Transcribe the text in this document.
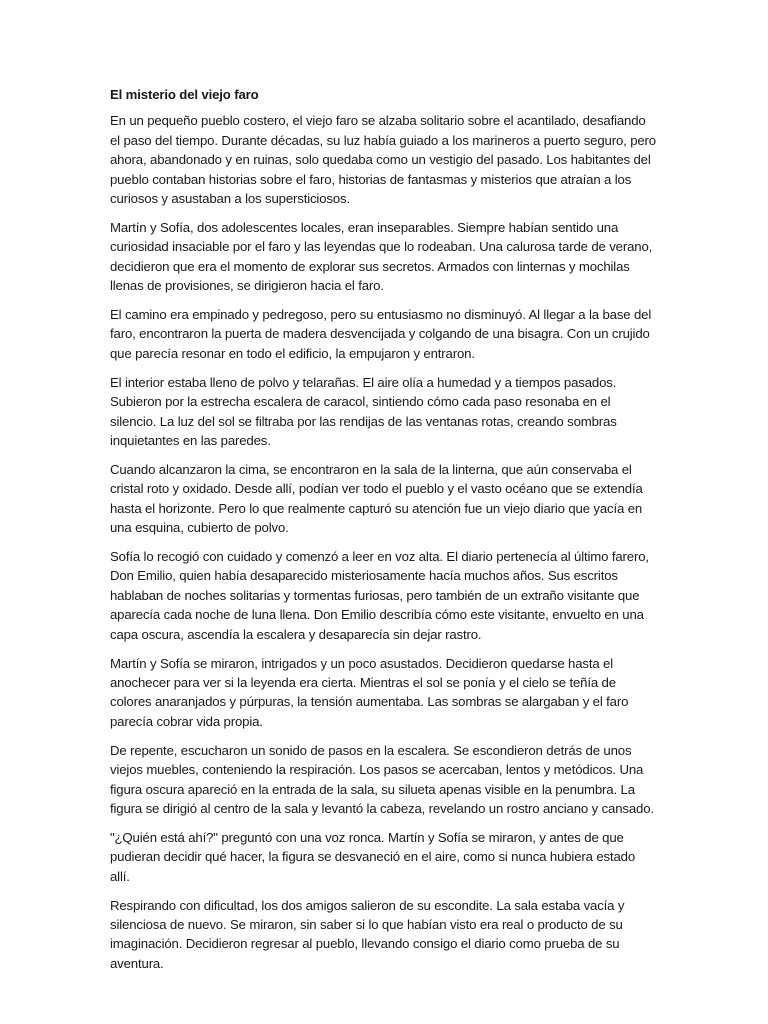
El misterio del viejo faro

En un pequeño pueblo costero, el viejo faro se alzaba solitario sobre el acantilado, desafiando el paso del tiempo. Durante décadas, su luz había guiado a los marineros a puerto seguro, pero ahora, abandonado y en ruinas, solo quedaba como un vestigio del pasado. Los habitantes del pueblo contaban historias sobre el faro, historias de fantasmas y misterios que atraían a los curiosos y asustaban a los supersticiosos.

Martín y Sofía, dos adolescentes locales, eran inseparables. Siempre habían sentido una curiosidad insaciable por el faro y las leyendas que lo rodeaban. Una calurosa tarde de verano, decidieron que era el momento de explorar sus secretos. Armados con linternas y mochilas llenas de provisiones, se dirigieron hacia el faro.

El camino era empinado y pedregoso, pero su entusiasmo no disminuyó. Al llegar a la base del faro, encontraron la puerta de madera desvencijada y colgando de una bisagra. Con un crujido que parecía resonar en todo el edificio, la empujaron y entraron.

El interior estaba lleno de polvo y telarañas. El aire olía a humedad y a tiempos pasados. Subieron por la estrecha escalera de caracol, sintiendo cómo cada paso resonaba en el silencio. La luz del sol se filtraba por las rendijas de las ventanas rotas, creando sombras inquietantes en las paredes.

Cuando alcanzaron la cima, se encontraron en la sala de la linterna, que aún conservaba el cristal roto y oxidado. Desde allí, podían ver todo el pueblo y el vasto océano que se extendía hasta el horizonte. Pero lo que realmente capturó su atención fue un viejo diario que yacía en una esquina, cubierto de polvo.

Sofía lo recogió con cuidado y comenzó a leer en voz alta. El diario pertenecía al último farero, Don Emilio, quien había desaparecido misteriosamente hacía muchos años. Sus escritos hablaban de noches solitarias y tormentas furiosas, pero también de un extraño visitante que aparecía cada noche de luna llena. Don Emilio describía cómo este visitante, envuelto en una capa oscura, ascendía la escalera y desaparecía sin dejar rastro.

Martín y Sofía se miraron, intrigados y un poco asustados. Decidieron quedarse hasta el anochecer para ver si la leyenda era cierta. Mientras el sol se ponía y el cielo se teñía de colores anaranjados y púrpuras, la tensión aumentaba. Las sombras se alargaban y el faro parecía cobrar vida propia.

De repente, escucharon un sonido de pasos en la escalera. Se escondieron detrás de unos viejos muebles, conteniendo la respiración. Los pasos se acercaban, lentos y metódicos. Una figura oscura apareció en la entrada de la sala, su silueta apenas visible en la penumbra. La figura se dirigió al centro de la sala y levantó la cabeza, revelando un rostro anciano y cansado.

"¿Quién está ahí?" preguntó con una voz ronca. Martín y Sofía se miraron, y antes de que pudieran decidir qué hacer, la figura se desvaneció en el aire, como si nunca hubiera estado allí.

Respirando con dificultad, los dos amigos salieron de su escondite. La sala estaba vacía y silenciosa de nuevo. Se miraron, sin saber si lo que habían visto era real o producto de su imaginación. Decidieron regresar al pueblo, llevando consigo el diario como prueba de su aventura.
